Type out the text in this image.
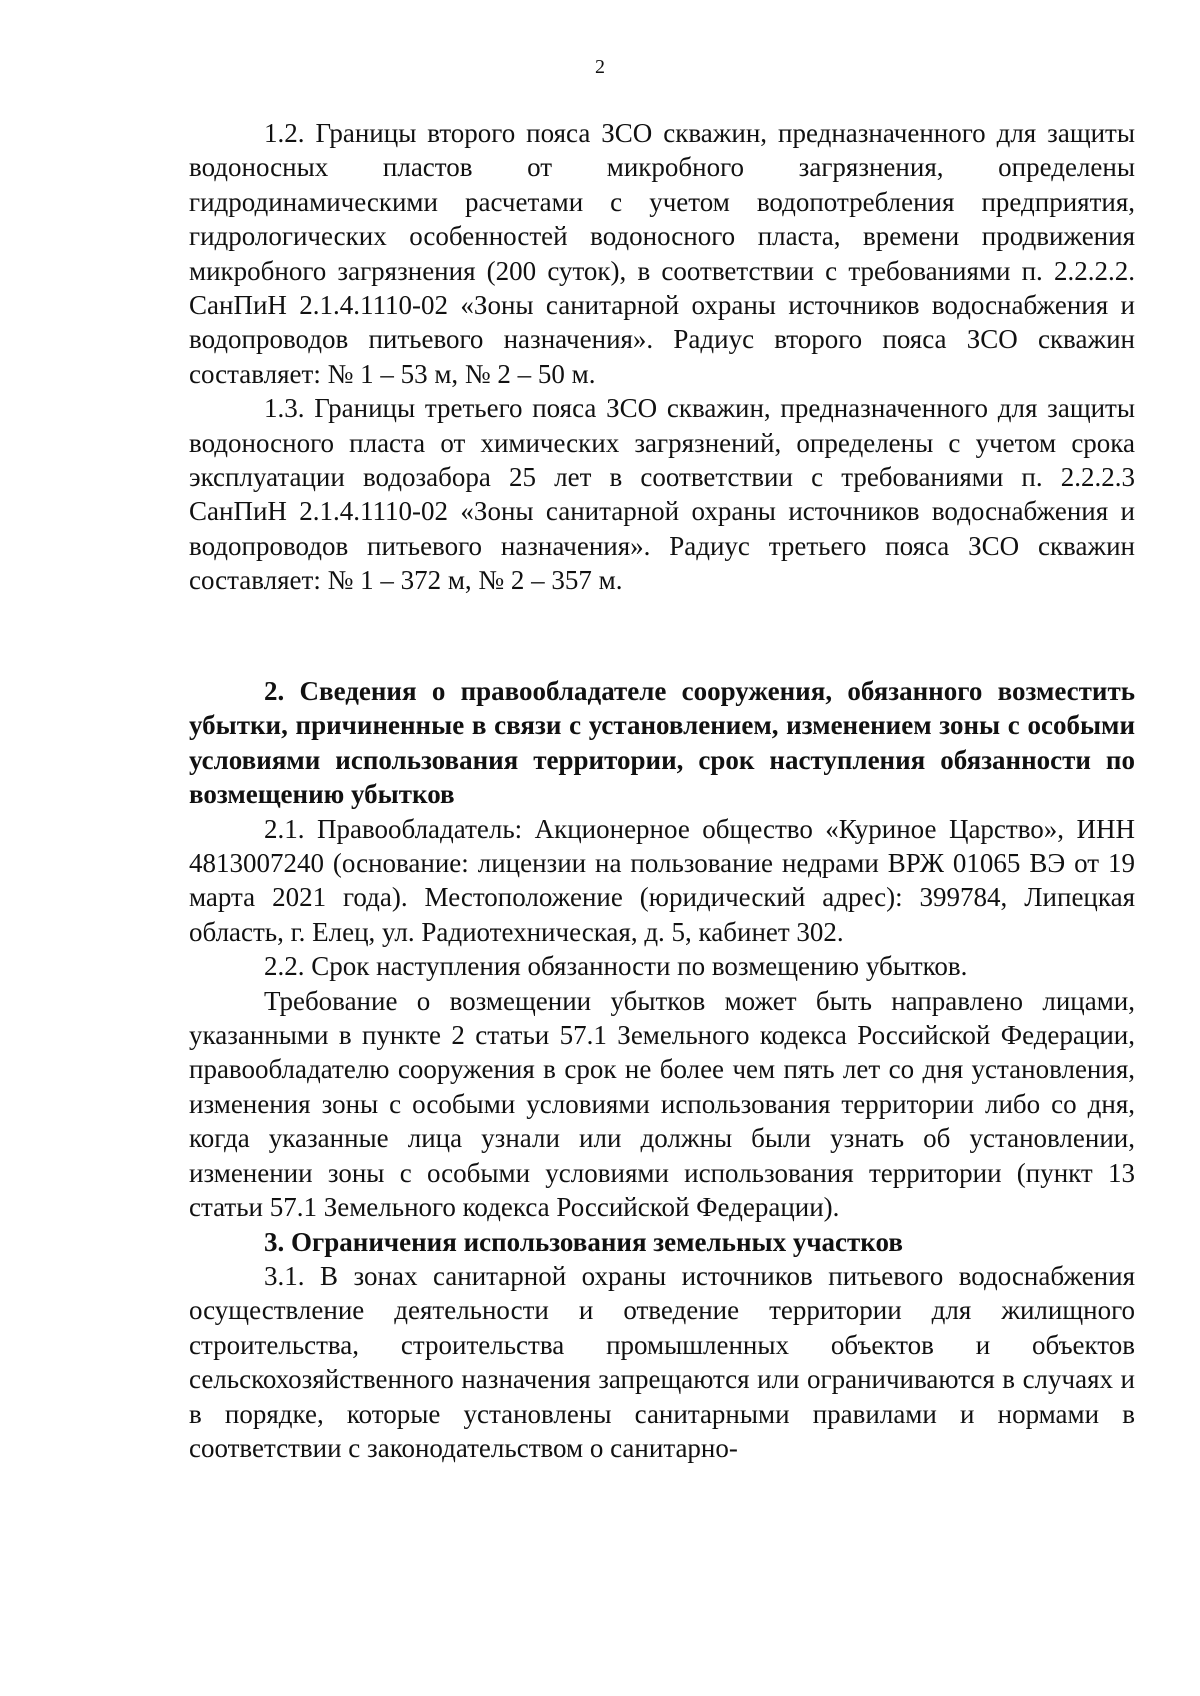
2

1.2. Границы второго пояса ЗСО скважин, предназначенного для защиты водоносных пластов от микробного загрязнения, определены гидродинамическими расчетами с учетом водопотребления предприятия, гидрологических особенностей водоносного пласта, времени продвижения микробного загрязнения (200 суток), в соответствии с требованиями п. 2.2.2.2. СанПиН 2.1.4.1110-02 «Зоны санитарной охраны источников водоснабжения и водопроводов питьевого назначения». Радиус второго пояса ЗСО скважин составляет: № 1 – 53 м, № 2 – 50 м.

1.3. Границы третьего пояса ЗСО скважин, предназначенного для защиты водоносного пласта от химических загрязнений, определены с учетом срока эксплуатации водозабора 25 лет в соответствии с требованиями п. 2.2.2.3 СанПиН 2.1.4.1110-02 «Зоны санитарной охраны источников водоснабжения и водопроводов питьевого назначения». Радиус третьего пояса ЗСО скважин составляет: № 1 – 372 м, № 2 – 357 м.

2. Сведения о правообладателе сооружения, обязанного возместить убытки, причиненные в связи с установлением, изменением зоны с особыми условиями использования территории, срок наступления обязанности по возмещению убытков

2.1. Правообладатель: Акционерное общество «Куриное Царство», ИНН 4813007240 (основание: лицензии на пользование недрами ВРЖ 01065 ВЭ от 19 марта 2021 года). Местоположение (юридический адрес): 399784, Липецкая область, г. Елец, ул. Радиотехническая, д. 5, кабинет 302.

2.2. Срок наступления обязанности по возмещению убытков.

Требование о возмещении убытков может быть направлено лицами, указанными в пункте 2 статьи 57.1 Земельного кодекса Российской Федерации, правообладателю сооружения в срок не более чем пять лет со дня установления, изменения зоны с особыми условиями использования территории либо со дня, когда указанные лица узнали или должны были узнать об установлении, изменении зоны с особыми условиями использования территории (пункт 13 статьи 57.1 Земельного кодекса Российской Федерации).

3. Ограничения использования земельных участков

3.1. В зонах санитарной охраны источников питьевого водоснабжения осуществление деятельности и отведение территории для жилищного строительства, строительства промышленных объектов и объектов сельскохозяйственного назначения запрещаются или ограничиваются в случаях и в порядке, которые установлены санитарными правилами и нормами в соответствии с законодательством о санитарно-
